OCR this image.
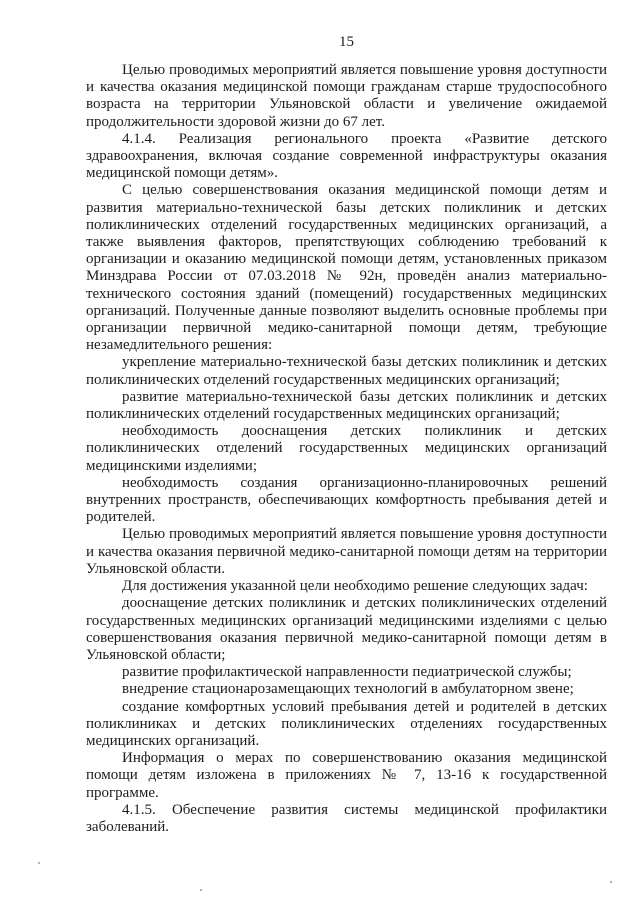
15

Целью проводимых мероприятий является повышение уровня доступности и качества оказания медицинской помощи гражданам старше трудоспособного возраста на территории Ульяновской области и увеличение ожидаемой продолжительности здоровой жизни до 67 лет.

4.1.4. Реализация регионального проекта «Развитие детского здравоохранения, включая создание современной инфраструктуры оказания медицинской помощи детям».

С целью совершенствования оказания медицинской помощи детям и развития материально-технической базы детских поликлиник и детских поликлинических отделений государственных медицинских организаций, а также выявления факторов, препятствующих соблюдению требований к организации и оказанию медицинской помощи детям, установленных приказом Минздрава России от 07.03.2018 № 92н, проведён анализ материально-технического состояния зданий (помещений) государственных медицинских организаций. Полученные данные позволяют выделить основные проблемы при организации первичной медико-санитарной помощи детям, требующие незамедлительного решения:

укрепление материально-технической базы детских поликлиник и детских поликлинических отделений государственных медицинских организаций;

развитие материально-технической базы детских поликлиник и детских поликлинических отделений государственных медицинских организаций;

необходимость дооснащения детских поликлиник и детских поликлинических отделений государственных медицинских организаций медицинскими изделиями;

необходимость создания организационно-планировочных решений внутренних пространств, обеспечивающих комфортность пребывания детей и родителей.

Целью проводимых мероприятий является повышение уровня доступности и качества оказания первичной медико-санитарной помощи детям на территории Ульяновской области.

Для достижения указанной цели необходимо решение следующих задач:

дооснащение детских поликлиник и детских поликлинических отделений государственных медицинских организаций медицинскими изделиями с целью совершенствования оказания первичной медико-санитарной помощи детям в Ульяновской области;

развитие профилактической направленности педиатрической службы;

внедрение стационарозамещающих технологий в амбулаторном звене;

создание комфортных условий пребывания детей и родителей в детских поликлиниках и детских поликлинических отделениях государственных медицинских организаций.

Информация о мерах по совершенствованию оказания медицинской помощи детям изложена в приложениях № 7, 13-16 к государственной программе.

4.1.5. Обеспечение развития системы медицинской профилактики заболеваний.
